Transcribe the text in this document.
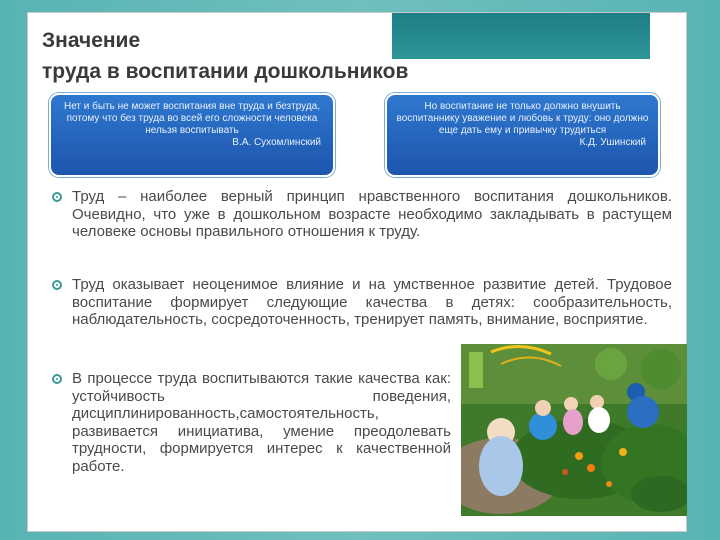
Значение
труда в воспитании дошкольников
Нет и быть не может воспитания вне труда и безтруда, потому что без труда во всей его сложности человека нельзя воспитывать
В.А. Сухомлинский
Но воспитание не только должно внушить воспитаннику уважение и любовь к труду: оно должно еще дать ему и привычку трудиться
К.Д. Ушинский
Труд – наиболее верный принцип нравственного воспитания дошкольников. Очевидно, что уже в дошкольном возрасте необходимо закладывать в растущем человеке основы правильного отношения к труду.
Труд оказывает неоценимое влияние и на умственное развитие детей. Трудовое воспитание формирует следующие качества в детях: сообразительность, наблюдательность, сосредоточенность, тренирует память, внимание, восприятие.
В процессе труда воспитываются такие качества как: устойчивость поведения, дисциплинированность,самостоятельность, развивается инициатива, умение преодолевать трудности, формируется интерес к качественной работе.
